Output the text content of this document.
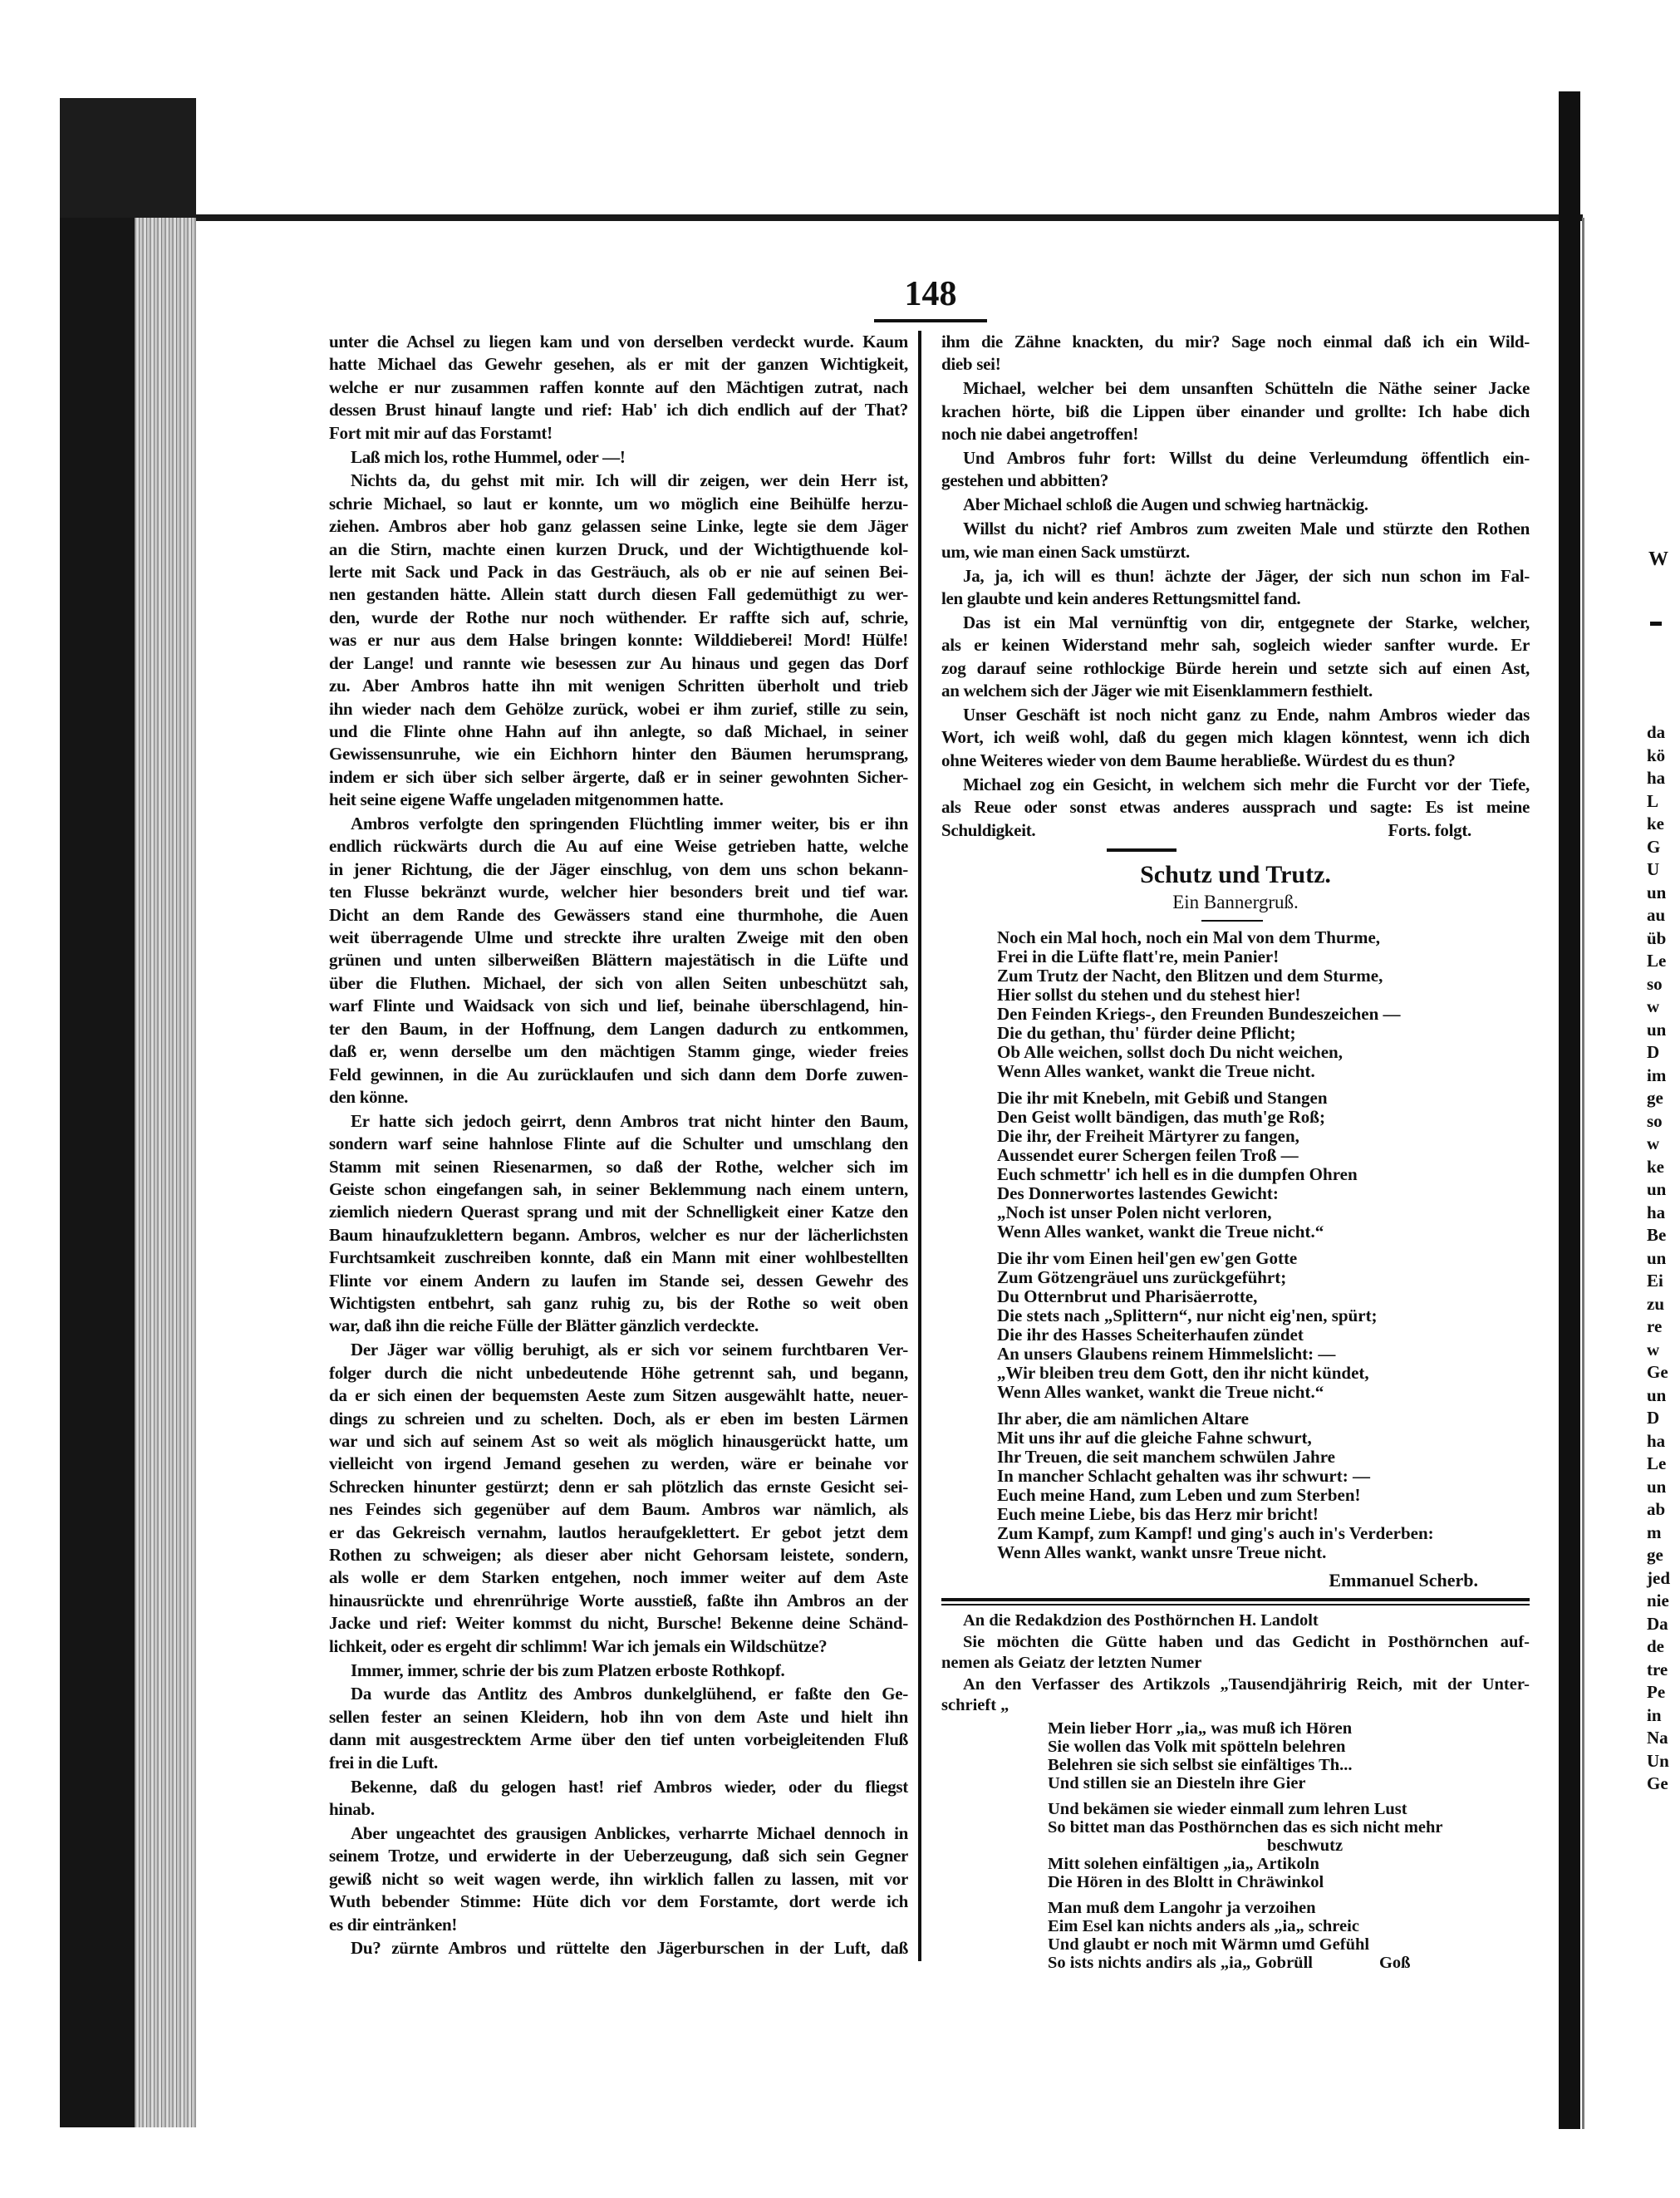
148
unter die Achsel zu liegen kam und von derselben verdeckt wurde. Kaum
hatte Michael das Gewehr gesehen, als er mit der ganzen Wichtigkeit,
welche er nur zusammen raffen konnte auf den Mächtigen zutrat, nach
dessen Brust hinauf langte und rief: Hab' ich dich endlich auf der That?
Fort mit mir auf das Forstamt!
Laß mich los, rothe Hummel, oder —!
Nichts da, du gehst mit mir. Ich will dir zeigen, wer dein Herr ist,
schrie Michael, so laut er konnte, um wo möglich eine Beihülfe herzu-
ziehen. Ambros aber hob ganz gelassen seine Linke, legte sie dem Jäger
an die Stirn, machte einen kurzen Druck, und der Wichtigthuende kol-
lerte mit Sack und Pack in das Gesträuch, als ob er nie auf seinen Bei-
nen gestanden hätte. Allein statt durch diesen Fall gedemüthigt zu wer-
den, wurde der Rothe nur noch wüthender. Er raffte sich auf, schrie,
was er nur aus dem Halse bringen konnte: Wilddieberei! Mord! Hülfe!
der Lange! und rannte wie besessen zur Au hinaus und gegen das Dorf
zu. Aber Ambros hatte ihn mit wenigen Schritten überholt und trieb
ihn wieder nach dem Gehölze zurück, wobei er ihm zurief, stille zu sein,
und die Flinte ohne Hahn auf ihn anlegte, so daß Michael, in seiner
Gewissensunruhe, wie ein Eichhorn hinter den Bäumen herumsprang,
indem er sich über sich selber ärgerte, daß er in seiner gewohnten Sicher-
heit seine eigene Waffe ungeladen mitgenommen hatte.
Ambros verfolgte den springenden Flüchtling immer weiter, bis er ihn
endlich rückwärts durch die Au auf eine Weise getrieben hatte, welche
in jener Richtung, die der Jäger einschlug, von dem uns schon bekann-
ten Flusse bekränzt wurde, welcher hier besonders breit und tief war.
Dicht an dem Rande des Gewässers stand eine thurmhohe, die Auen
weit überragende Ulme und streckte ihre uralten Zweige mit den oben
grünen und unten silberweißen Blättern majestätisch in die Lüfte und
über die Fluthen. Michael, der sich von allen Seiten unbeschützt sah,
warf Flinte und Waidsack von sich und lief, beinahe überschlagend, hin-
ter den Baum, in der Hoffnung, dem Langen dadurch zu entkommen,
daß er, wenn derselbe um den mächtigen Stamm ginge, wieder freies
Feld gewinnen, in die Au zurücklaufen und sich dann dem Dorfe zuwen-
den könne.
Er hatte sich jedoch geirrt, denn Ambros trat nicht hinter den Baum,
sondern warf seine hahnlose Flinte auf die Schulter und umschlang den
Stamm mit seinen Riesenarmen, so daß der Rothe, welcher sich im
Geiste schon eingefangen sah, in seiner Beklemmung nach einem untern,
ziemlich niedern Querast sprang und mit der Schnelligkeit einer Katze den
Baum hinaufzuklettern begann. Ambros, welcher es nur der lächerlichsten
Furchtsamkeit zuschreiben konnte, daß ein Mann mit einer wohlbestellten
Flinte vor einem Andern zu laufen im Stande sei, dessen Gewehr des
Wichtigsten entbehrt, sah ganz ruhig zu, bis der Rothe so weit oben
war, daß ihn die reiche Fülle der Blätter gänzlich verdeckte.
Der Jäger war völlig beruhigt, als er sich vor seinem furchtbaren Ver-
folger durch die nicht unbedeutende Höhe getrennt sah, und begann,
da er sich einen der bequemsten Aeste zum Sitzen ausgewählt hatte, neuer-
dings zu schreien und zu schelten. Doch, als er eben im besten Lärmen
war und sich auf seinem Ast so weit als möglich hinausgerückt hatte, um
vielleicht von irgend Jemand gesehen zu werden, wäre er beinahe vor
Schrecken hinunter gestürzt; denn er sah plötzlich das ernste Gesicht sei-
nes Feindes sich gegenüber auf dem Baum. Ambros war nämlich, als
er das Gekreisch vernahm, lautlos heraufgeklettert. Er gebot jetzt dem
Rothen zu schweigen; als dieser aber nicht Gehorsam leistete, sondern,
als wolle er dem Starken entgehen, noch immer weiter auf dem Aste
hinausrückte und ehrenrührige Worte ausstieß, faßte ihn Ambros an der
Jacke und rief: Weiter kommst du nicht, Bursche! Bekenne deine Schänd-
lichkeit, oder es ergeht dir schlimm! War ich jemals ein Wildschütze?
Immer, immer, schrie der bis zum Platzen erboste Rothkopf.
Da wurde das Antlitz des Ambros dunkelglühend, er faßte den Ge-
sellen fester an seinen Kleidern, hob ihn von dem Aste und hielt ihn
dann mit ausgestrecktem Arme über den tief unten vorbeigleitenden Fluß
frei in die Luft.
Bekenne, daß du gelogen hast! rief Ambros wieder, oder du fliegst
hinab.
Aber ungeachtet des grausigen Anblickes, verharrte Michael dennoch in
seinem Trotze, und erwiderte in der Ueberzeugung, daß sich sein Gegner
gewiß nicht so weit wagen werde, ihn wirklich fallen zu lassen, mit vor
Wuth bebender Stimme: Hüte dich vor dem Forstamte, dort werde ich
es dir eintränken!
Du? zürnte Ambros und rüttelte den Jägerburschen in der Luft, daß
ihm die Zähne knackten, du mir? Sage noch einmal daß ich ein Wild-
dieb sei!
Michael, welcher bei dem unsanften Schütteln die Näthe seiner Jacke
krachen hörte, biß die Lippen über einander und grollte: Ich habe dich
noch nie dabei angetroffen!
Und Ambros fuhr fort: Willst du deine Verleumdung öffentlich ein-
gestehen und abbitten?
Aber Michael schloß die Augen und schwieg hartnäckig.
Willst du nicht? rief Ambros zum zweiten Male und stürzte den Rothen
um, wie man einen Sack umstürzt.
Ja, ja, ich will es thun! ächzte der Jäger, der sich nun schon im Fal-
len glaubte und kein anderes Rettungsmittel fand.
Das ist ein Mal vernünftig von dir, entgegnete der Starke, welcher,
als er keinen Widerstand mehr sah, sogleich wieder sanfter wurde. Er
zog darauf seine rothlockige Bürde herein und setzte sich auf einen Ast,
an welchem sich der Jäger wie mit Eisenklammern festhielt.
Unser Geschäft ist noch nicht ganz zu Ende, nahm Ambros wieder das
Wort, ich weiß wohl, daß du gegen mich klagen könntest, wenn ich dich
ohne Weiteres wieder von dem Baume herabließe. Würdest du es thun?
Michael zog ein Gesicht, in welchem sich mehr die Furcht vor der Tiefe,
als Reue oder sonst etwas anderes aussprach und sagte: Es ist meine
Schuldigkeit.	Forts. folgt.
Schutz und Trutz.
Ein Bannergruß.
Noch ein Mal hoch, noch ein Mal von dem Thurme,
Frei in die Lüfte flatt're, mein Panier!
Zum Trutz der Nacht, den Blitzen und dem Sturme,
Hier sollst du stehen und du stehest hier!
Den Feinden Kriegs-, den Freunden Bundeszeichen —
Die du gethan, thu' fürder deine Pflicht;
Ob Alle weichen, sollst doch Du nicht weichen,
Wenn Alles wanket, wankt die Treue nicht.
Die ihr mit Knebeln, mit Gebiß und Stangen
Den Geist wollt bändigen, das muth'ge Roß;
Die ihr, der Freiheit Märtyrer zu fangen,
Aussendet eurer Schergen feilen Troß —
Euch schmettr' ich hell es in die dumpfen Ohren
Des Donnerwortes lastendes Gewicht:
„Noch ist unser Polen nicht verloren,
Wenn Alles wanket, wankt die Treue nicht.“
Die ihr vom Einen heil'gen ew'gen Gotte
Zum Götzengräuel uns zurückgeführt;
Du Otternbrut und Pharisäerrotte,
Die stets nach „Splittern“, nur nicht eig'nen, spürt;
Die ihr des Hasses Scheiterhaufen zündet
An unsers Glaubens reinem Himmelslicht: —
„Wir bleiben treu dem Gott, den ihr nicht kündet,
Wenn Alles wanket, wankt die Treue nicht.“
Ihr aber, die am nämlichen Altare
Mit uns ihr auf die gleiche Fahne schwurt,
Ihr Treuen, die seit manchem schwülen Jahre
In mancher Schlacht gehalten was ihr schwurt: —
Euch meine Hand, zum Leben und zum Sterben!
Euch meine Liebe, bis das Herz mir bricht!
Zum Kampf, zum Kampf! und ging's auch in's Verderben:
Wenn Alles wankt, wankt unsre Treue nicht.
Emmanuel Scherb.
An die Redakdzion des Posthörnchen H. Landolt
Sie möchten die Gütte haben und das Gedicht in Posthörnchen auf-
nemen als Geiatz der letzten Numer
An den Verfasser des Artikzols „Tausendjähririg Reich, mit der Unter-
schrieft „
Mein lieber Horr „ia„ was muß ich Hören
Sie wollen das Volk mit spötteln belehren
Belehren sie sich selbst sie einfältiges Th...
Und stillen sie an Diesteln ihre Gier
Und bekämen sie wieder einmall zum lehren Lust
So bittet man das Posthörnchen das es sich nicht mehr
beschwutz
Mitt solehen einfältigen „ia„ Artikoln
Die Hören in des Bloltt in Chräwinkol
Man muß dem Langohr ja verzoihen
Eim Esel kan nichts anders als „ia„ schreic
Und glaubt er noch mit Wärmn umd Gefühl
So ists nichts andirs als „ia„ Gobrüll	Goß
W
da
kö
ha
L
ke
G
U
un
au
üb
Le
so
w
un
D
im
ge
so
w
ke
un
ha
Be
un
Ei
zu
re
w
Ge
un
D
ha
Le
un
ab
m
ge
jed
nie
Da
de
tre
Pe
in
Na
Un
Ge
